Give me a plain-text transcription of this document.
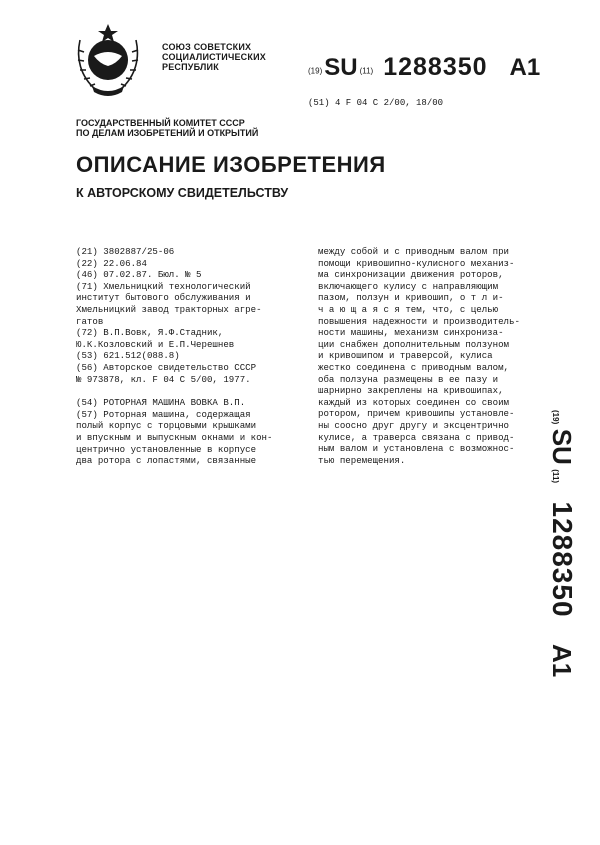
СОЮЗ СОВЕТСКИХ
СОЦИАЛИСТИЧЕСКИХ
РЕСПУБЛИК	(19)SU (11) 1288350 A1
(51) 4 F 04 C 2/00, 18/00
ГОСУДАРСТВЕННЫЙ КОМИТЕТ СССР
ПО ДЕЛАМ ИЗОБРЕТЕНИЙ И ОТКРЫТИЙ
ОПИСАНИЕ ИЗОБРЕТЕНИЯ
К АВТОРСКОМУ СВИДЕТЕЛЬСТВУ
(21) 3802887/25-06
(22) 22.06.84
(46) 07.02.87. Бюл. № 5
(71) Хмельницкий технологический
институт бытового обслуживания и
Хмельницкий завод тракторных агре-
гатов
(72) В.П.Вовк, Я.Ф.Стадник,
Ю.К.Козловский и Е.П.Черешнев
(53) 621.512(088.8)
(56) Авторское свидетельство СССР
№ 973878, кл. F 04 C 5/00, 1977.
(54) РОТОРНАЯ МАШИНА ВОВКА В.П.
(57) Роторная машина, содержащая
полый корпус с торцовыми крышками
и впускным и выпускным окнами и кон-
центрично установленные в корпусе
два ротора с лопастями, связанные
между собой и с приводным валом при
помощи кривошипно-кулисного механиз-
ма синхронизации движения роторов,
включающего кулису с направляющим
пазом, ползун и кривошип, о т л и-
ч а ю щ а я с я тем, что, с целью
повышения надежности и производитель-
ности машины, механизм синхрониза-
ции снабжен дополнительным ползуном
и кривошипом и траверсой, кулиса
жестко соединена с приводным валом,
оба ползуна размещены в ее пазу и
шарнирно закреплены на кривошипах,
каждый из которых соединен со своим
ротором, причем кривошипы установле-
ны соосно друг другу и эксцентрично
кулисе, а траверса связана с привод-
ным валом и установлена с возможнос-
тью перемещения.
(19) SU (11) 1288350 A1
